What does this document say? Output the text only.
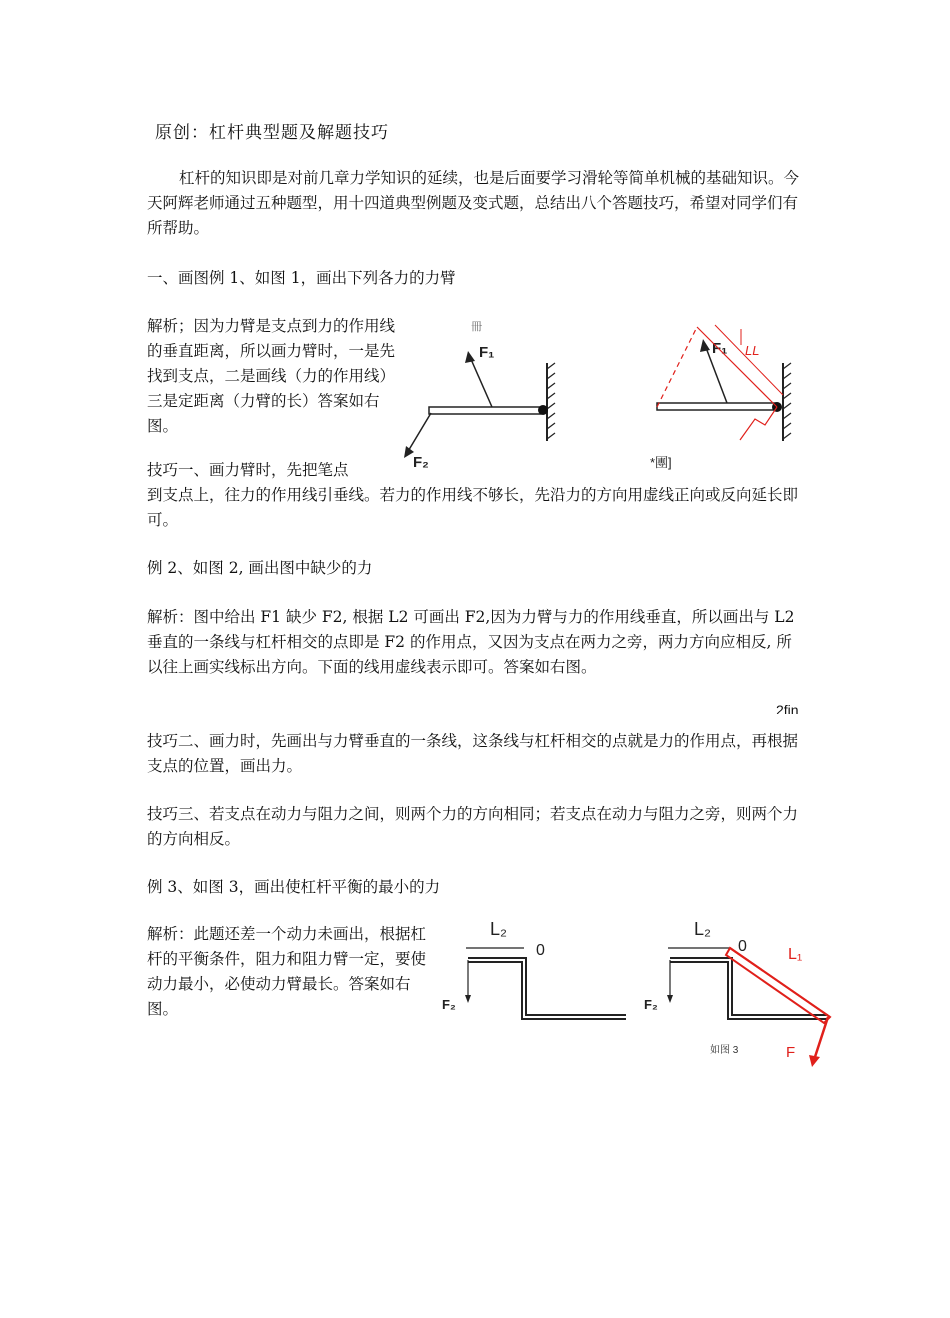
原创：杠杆典型题及解题技巧
杠杆的知识即是对前几章力学知识的延续，也是后面要学习滑轮等简单机械的基础知识。今天阿辉老师通过五种题型，用十四道典型例题及变式题，总结出八个答题技巧，希望对同学们有所帮助。
一、画图例 1、如图 1，画出下列各力的力臂
解析；因为力臂是支点到力的作用线的垂直距离，所以画力臂时，一是先找到支点，二是画线（力的作用线）三是定距离（力臂的长）答案如右图。
冊
F₁
F₂
F₁ LL
*團]
技巧一、画力臂时，先把笔点
到支点上，往力的作用线引垂线。若力的作用线不够长，先沿力的方向用虚线正向或反向延长即可。
例 2、如图 2, 画出图中缺少的力
解析：图中给出 F1 缺少 F2, 根据 L2 可画出 F2,因为力臂与力的作用线垂直，所以画出与 L2 垂直的一条线与杠杆相交的点即是 F2 的作用点，又因为支点在两力之旁，两力方向应相反, 所以往上画实线标出方向。下面的线用虚线表示即可。答案如右图。
2fin
技巧二、画力时，先画出与力臂垂直的一条线，这条线与杠杆相交的点就是力的作用点，再根据支点的位置，画出力。
技巧三、若支点在动力与阻力之间，则两个力的方向相同；若支点在动力与阻力之旁，则两个力的方向相反。
例 3、如图 3，画出使杠杆平衡的最小的力
解析：此题还差一个动力未画出，根据杠杆的平衡条件，阻力和阻力臂一定，要使动力最小，必使动力臂最长。答案如右图。
L₂
0
F₂
L₂
0
F₂
L₁
F
如图 3
